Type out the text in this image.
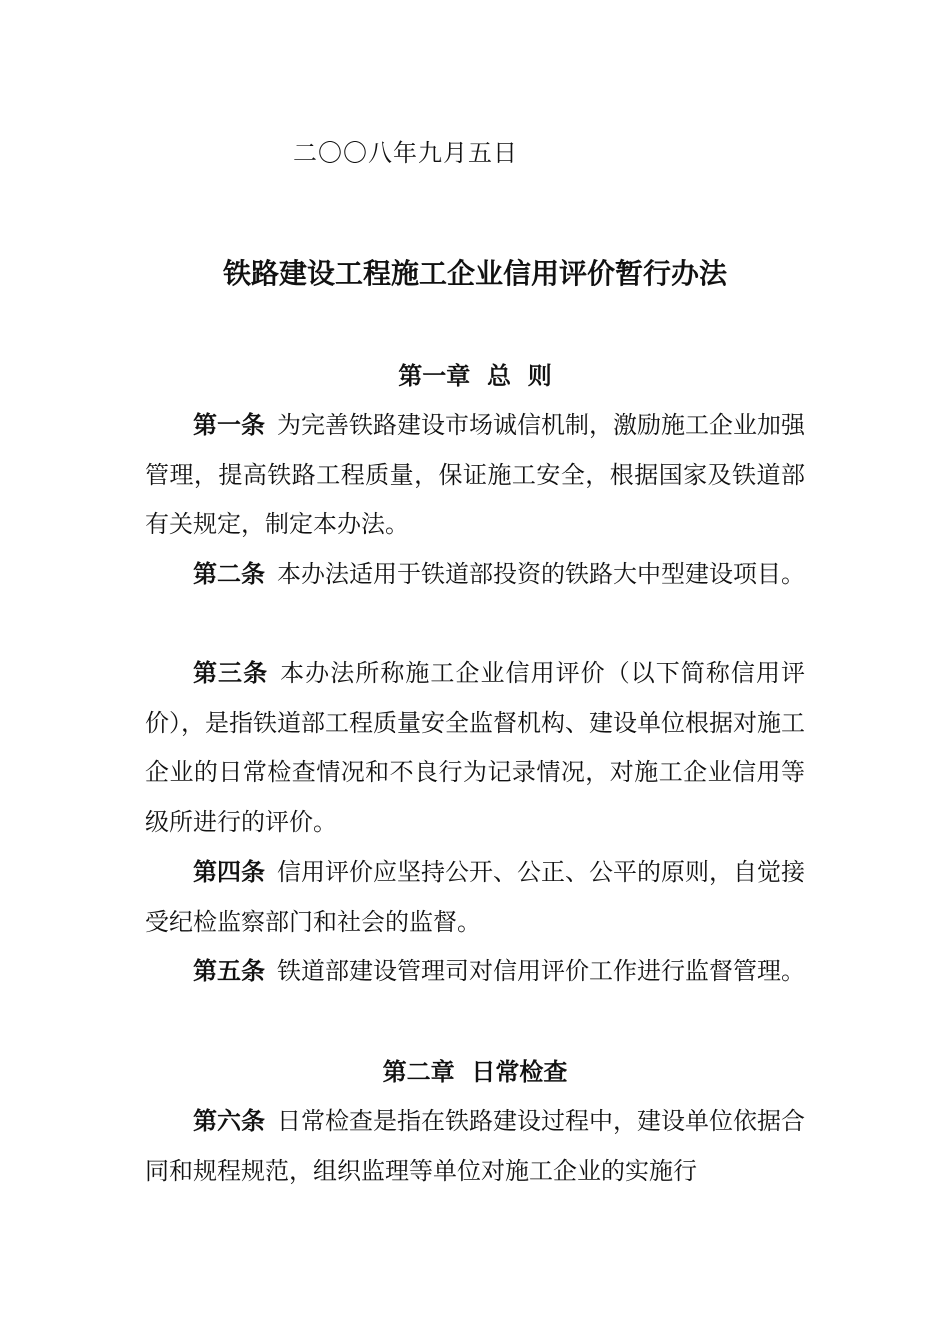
二〇〇八年九月五日
铁路建设工程施工企业信用评价暂行办法
第一章  总  则

第一条 为完善铁路建设市场诚信机制，激励施工企业加强管理，提高铁路工程质量，保证施工安全，根据国家及铁道部有关规定，制定本办法。

第二条 本办法适用于铁道部投资的铁路大中型建设项目。

第三条 本办法所称施工企业信用评价（以下简称信用评价），是指铁道部工程质量安全监督机构、建设单位根据对施工企业的日常检查情况和不良行为记录情况，对施工企业信用等级所进行的评价。

第四条 信用评价应坚持公开、公正、公平的原则，自觉接受纪检监察部门和社会的监督。

第五条 铁道部建设管理司对信用评价工作进行监督管理。

第二章  日常检查

第六条 日常检查是指在铁路建设过程中，建设单位依据合同和规程规范，组织监理等单位对施工企业的实施行
